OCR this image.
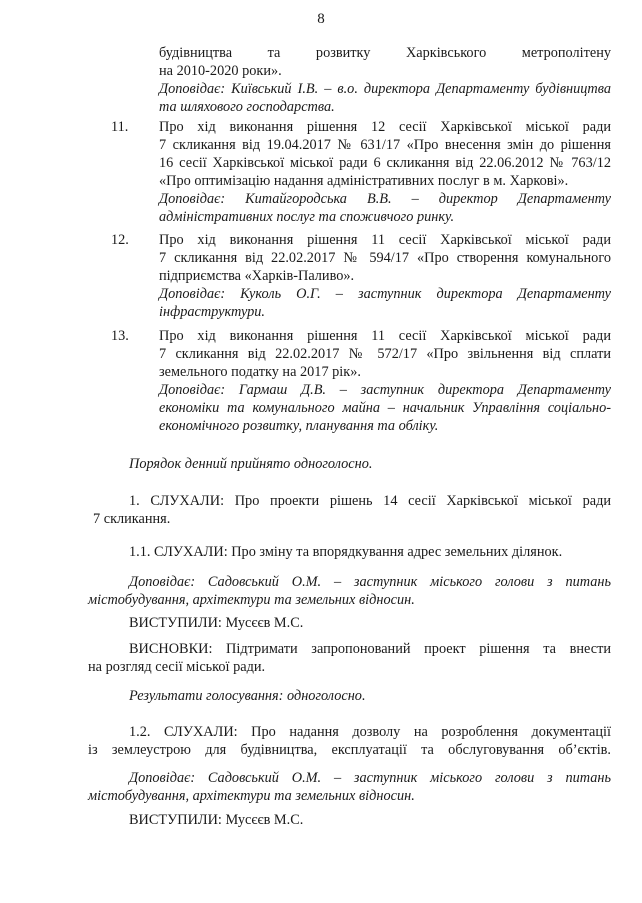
8

будівництва та розвитку Харківського метрополітену

на 2010-2020 роки».

Доповідає: Київський І.В. – в.о. директора Департаменту будівництва

та шляхового господарства.

11. Про хід виконання рішення 12 сесії Харківської міської ради

7 скликання від 19.04.2017 № 631/17 «Про внесення змін до рішення

16 сесії Харківської міської ради 6 скликання від 22.06.2012 № 763/12

«Про оптимізацію надання адміністративних послуг в м. Харкові».

Доповідає: Китайгородська В.В. – директор Департаменту

адміністративних послуг та споживчого ринку.

12. Про хід виконання рішення 11 сесії Харківської міської ради

7 скликання від 22.02.2017 № 594/17 «Про створення комунального

підприємства «Харків-Паливо».

Доповідає: Куколь О.Г. – заступник директора Департаменту

інфраструктури.

13. Про хід виконання рішення 11 сесії Харківської міської ради

7 скликання від 22.02.2017 № 572/17 «Про звільнення від сплати

земельного податку на 2017 рік».

Доповідає: Гармаш Д.В. – заступник директора Департаменту

економіки та комунального майна – начальник Управління соціально-

економічного розвитку, планування та обліку.

Порядок денний прийнято одноголосно.

1. СЛУХАЛИ: Про проекти рішень 14 сесії Харківської міської ради

7 скликання.

1.1. СЛУХАЛИ: Про зміну та впорядкування адрес земельних ділянок.

Доповідає: Садовський О.М. – заступник міського голови з питань

містобудування, архітектури та земельних відносин.

ВИСТУПИЛИ: Мусєєв М.С.

ВИСНОВКИ: Підтримати запропонований проект рішення та внести

на розгляд сесії міської ради.

Результати голосування: одноголосно.

1.2. СЛУХАЛИ: Про надання дозволу на розроблення документації

із землеустрою для будівництва, експлуатації та обслуговування об’єктів.

Доповідає: Садовський О.М. – заступник міського голови з питань

містобудування, архітектури та земельних відносин.

ВИСТУПИЛИ: Мусєєв М.С.
